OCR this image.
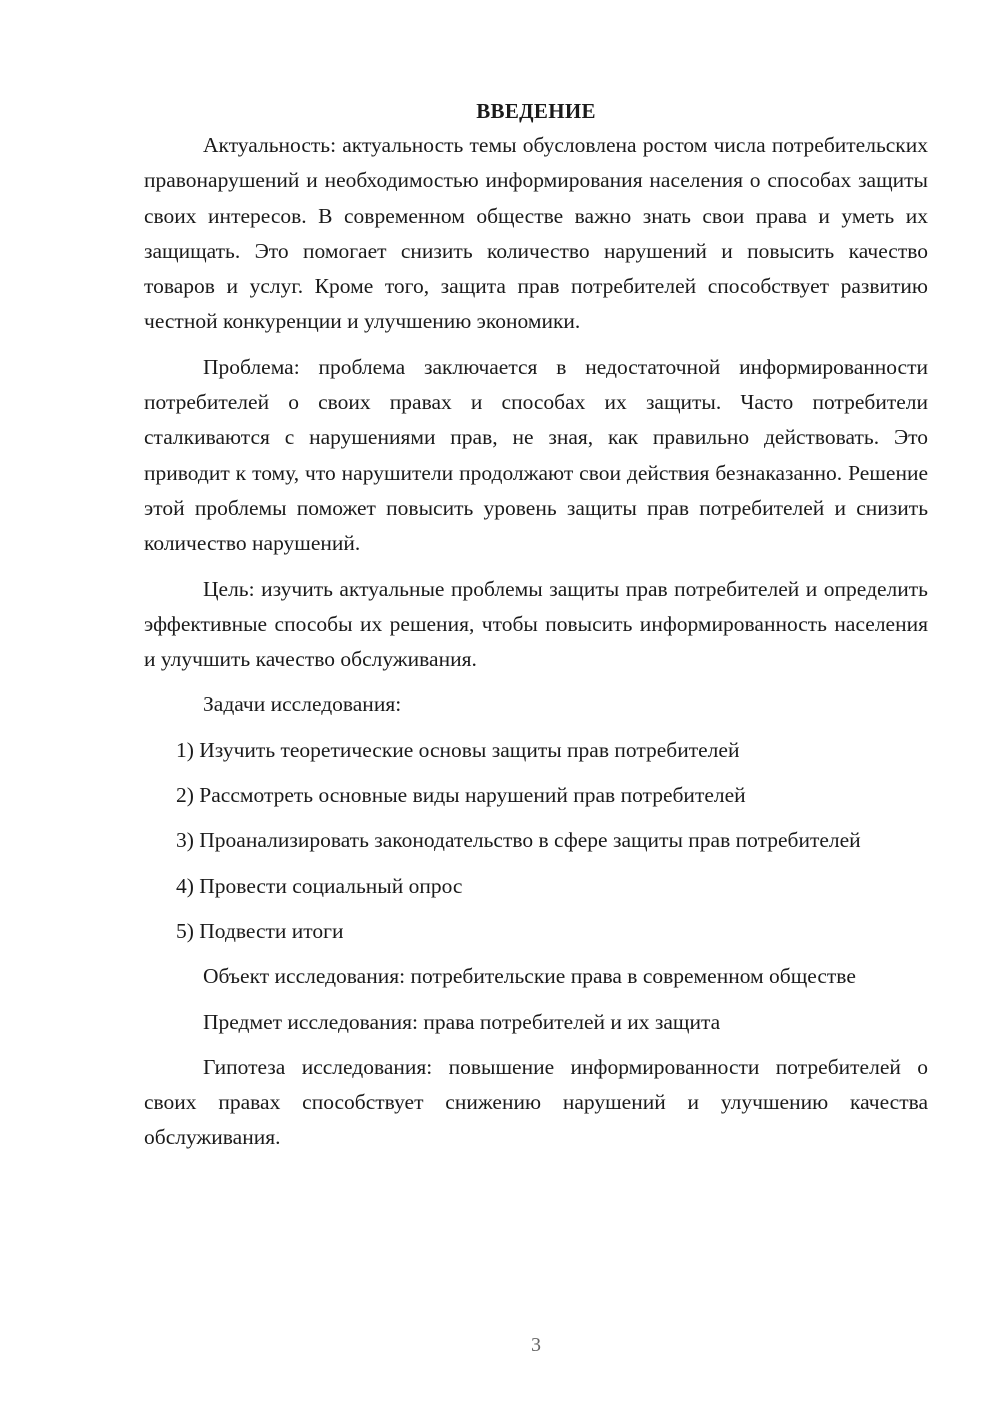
ВВЕДЕНИЕ

Актуальность: актуальность темы обусловлена ростом числа потребительских правонарушений и необходимостью информирования населения о способах защиты своих интересов. В современном обществе важно знать свои права и уметь их защищать. Это помогает снизить количество нарушений и повысить качество товаров и услуг. Кроме того, защита прав потребителей способствует развитию честной конкуренции и улучшению экономики.

Проблема: проблема заключается в недостаточной информированности потребителей о своих правах и способах их защиты. Часто потребители сталкиваются с нарушениями прав, не зная, как правильно действовать. Это приводит к тому, что нарушители продолжают свои действия безнаказанно. Решение этой проблемы поможет повысить уровень защиты прав потребителей и снизить количество нарушений.

Цель: изучить актуальные проблемы защиты прав потребителей и определить эффективные способы их решения, чтобы повысить информированность населения и улучшить качество обслуживания.

Задачи исследования:

1) Изучить теоретические основы защиты прав потребителей

2) Рассмотреть основные виды нарушений прав потребителей

3) Проанализировать законодательство в сфере защиты прав потребителей

4) Провести социальный опрос

5) Подвести итоги

Объект исследования: потребительские права в современном обществе

Предмет исследования: права потребителей и их защита

Гипотеза исследования: повышение информированности потребителей о своих правах способствует снижению нарушений и улучшению качества обслуживания.

3
